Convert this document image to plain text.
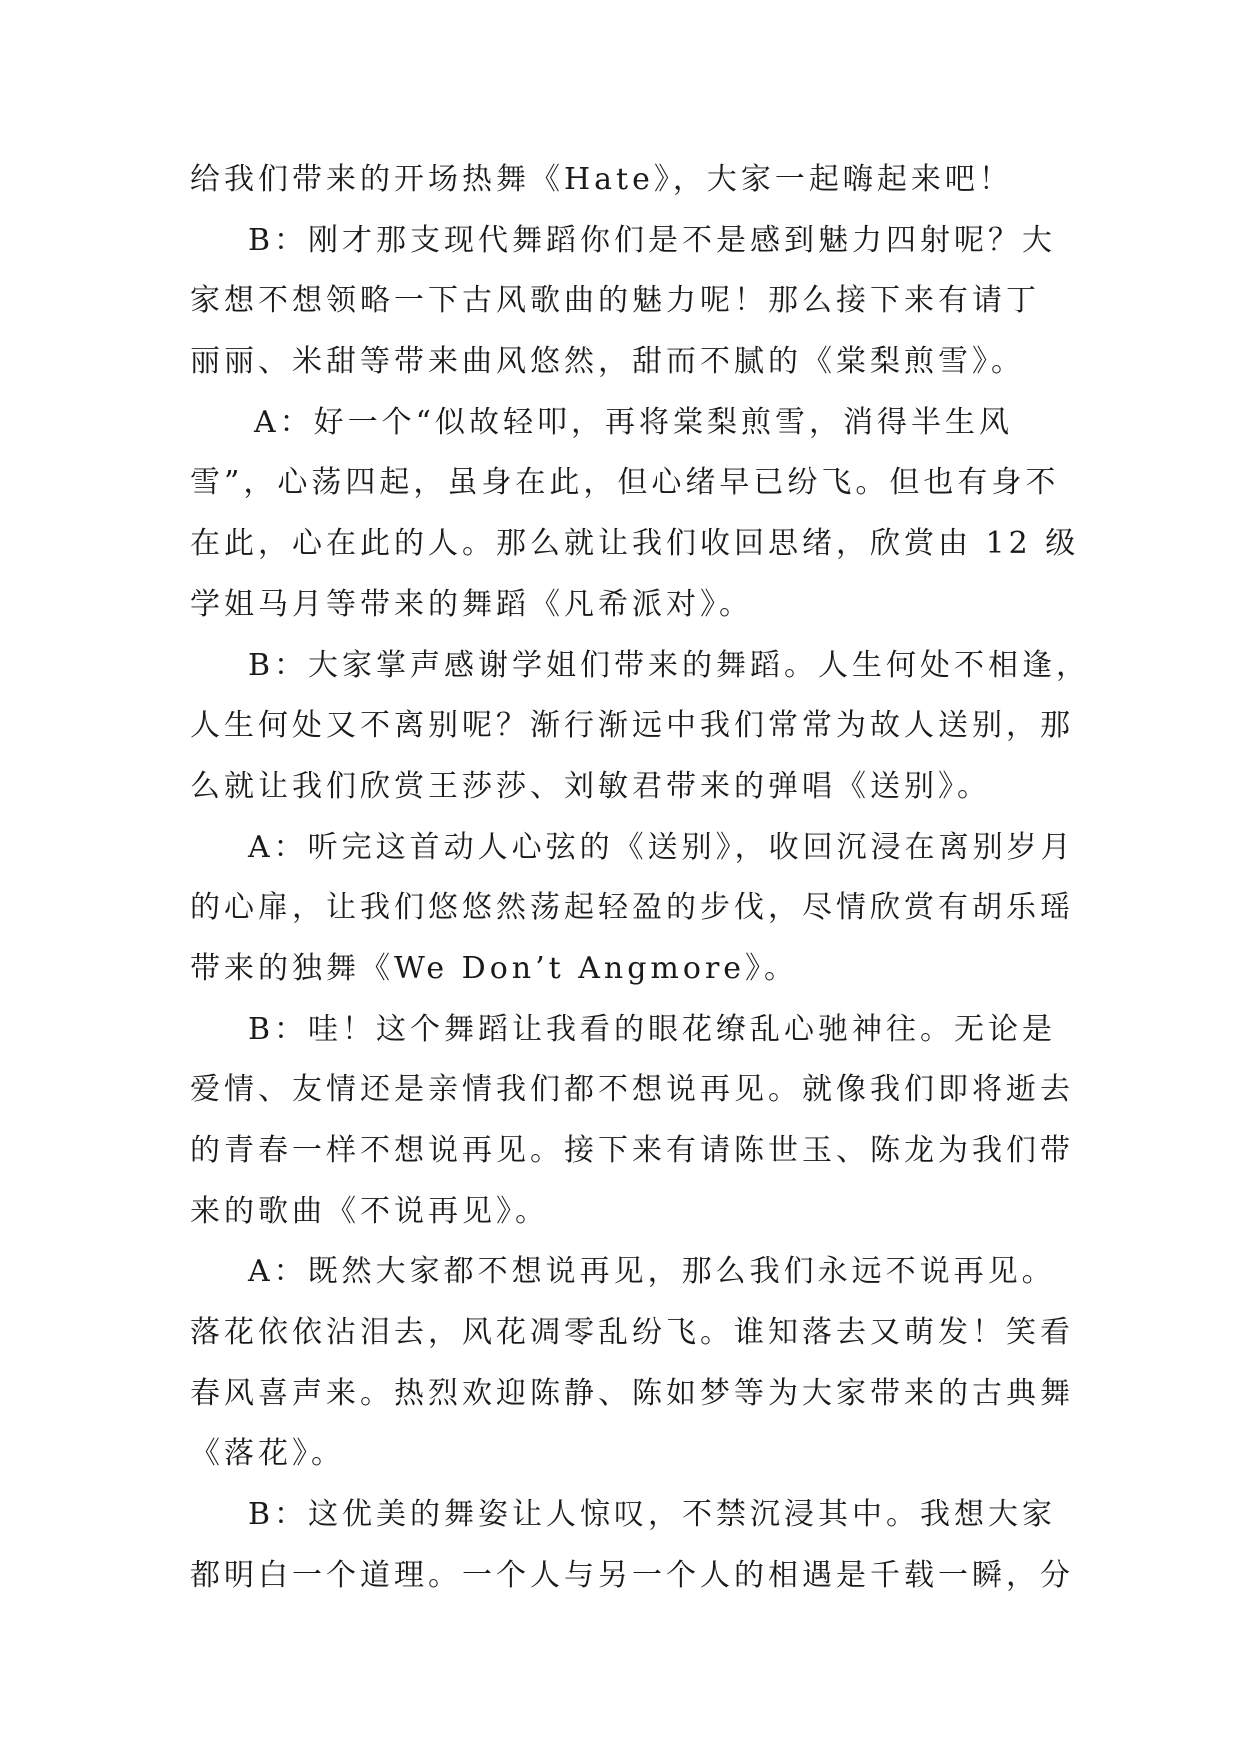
给我们带来的开场热舞《Hate》，大家一起嗨起来吧！
B：刚才那支现代舞蹈你们是不是感到魅力四射呢？大
家想不想领略一下古风歌曲的魅力呢！那么接下来有请丁
丽丽、米甜等带来曲风悠然，甜而不腻的《棠梨煎雪》。
A：好一个“似故轻叩，再将棠梨煎雪，消得半生风
雪”，心荡四起，虽身在此，但心绪早已纷飞。但也有身不
在此，心在此的人。那么就让我们收回思绪，欣赏由 12 级
学姐马月等带来的舞蹈《凡希派对》。
B：大家掌声感谢学姐们带来的舞蹈。人生何处不相逢，
人生何处又不离别呢？渐行渐远中我们常常为故人送别，那
么就让我们欣赏王莎莎、刘敏君带来的弹唱《送别》。
A：听完这首动人心弦的《送别》，收回沉浸在离别岁月
的心扉，让我们悠悠然荡起轻盈的步伐，尽情欣赏有胡乐瑶
带来的独舞《We Don’t Angmore》。
B：哇！这个舞蹈让我看的眼花缭乱心驰神往。无论是
爱情、友情还是亲情我们都不想说再见。就像我们即将逝去
的青春一样不想说再见。接下来有请陈世玉、陈龙为我们带
来的歌曲《不说再见》。
A：既然大家都不想说再见，那么我们永远不说再见。
落花依依沾泪去，风花凋零乱纷飞。谁知落去又萌发！笑看
春风喜声来。热烈欢迎陈静、陈如梦等为大家带来的古典舞
《落花》。
B：这优美的舞姿让人惊叹，不禁沉浸其中。我想大家
都明白一个道理。一个人与另一个人的相遇是千载一瞬，分
